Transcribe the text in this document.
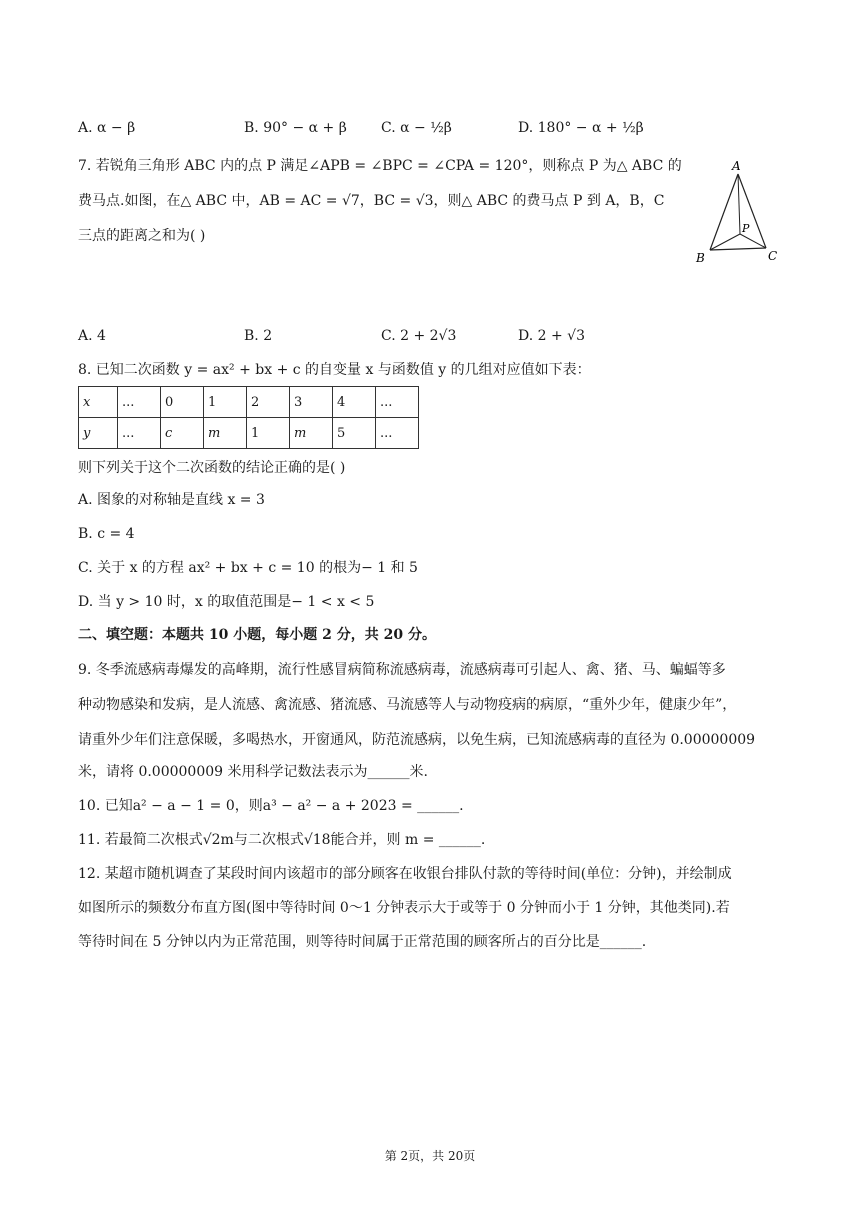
A. α − β	B. 90° − α + β C. α − ½β	D. 180° − α + ½β
7. 若锐角三角形 ABC 内的点 P 满足∠APB = ∠BPC = ∠CPA = 120°，则称点 P 为△ ABC 的
费马点.如图，在△ ABC 中，AB = AC = √7，BC = √3，则△ ABC 的费马点 P 到 A，B，C
三点的距离之和为( )
A
B	C
P
A. 4	B. 2	C. 2 + 2√3	D. 2 + √3
8. 已知二次函数 y = ax² + bx + c 的自变量 x 与函数值 y 的几组对应值如下表：
x	...	0	1	2	3	4	...
y	...	c	m	1	m	5	...
则下列关于这个二次函数的结论正确的是( )
A. 图象的对称轴是直线 x = 3
B. c = 4
C. 关于 x 的方程 ax² + bx + c = 10 的根为− 1 和 5
D. 当 y > 10 时，x 的取值范围是− 1 < x < 5
二、填空题：本题共 10 小题，每小题 2 分，共 20 分。
9. 冬季流感病毒爆发的高峰期，流行性感冒病简称流感病毒，流感病毒可引起人、禽、猪、马、蝙蝠等多
种动物感染和发病，是人流感、禽流感、猪流感、马流感等人与动物疫病的病原，“重外少年，健康少年”，
请重外少年们注意保暖，多喝热水，开窗通风，防范流感病，以免生病，已知流感病毒的直径为 0.00000009
米，请将 0.00000009 米用科学记数法表示为______米.
10. 已知a² − a − 1 = 0，则a³ − a² − a + 2023 = ______.
11. 若最简二次根式√2m与二次根式√18能合并，则 m = ______.
12. 某超市随机调查了某段时间内该超市的部分顾客在收银台排队付款的等待时间(单位：分钟)，并绘制成
如图所示的频数分布直方图(图中等待时间 0～1 分钟表示大于或等于 0 分钟而小于 1 分钟，其他类同).若
等待时间在 5 分钟以内为正常范围，则等待时间属于正常范围的顾客所占的百分比是______.
第 2页，共 20页
